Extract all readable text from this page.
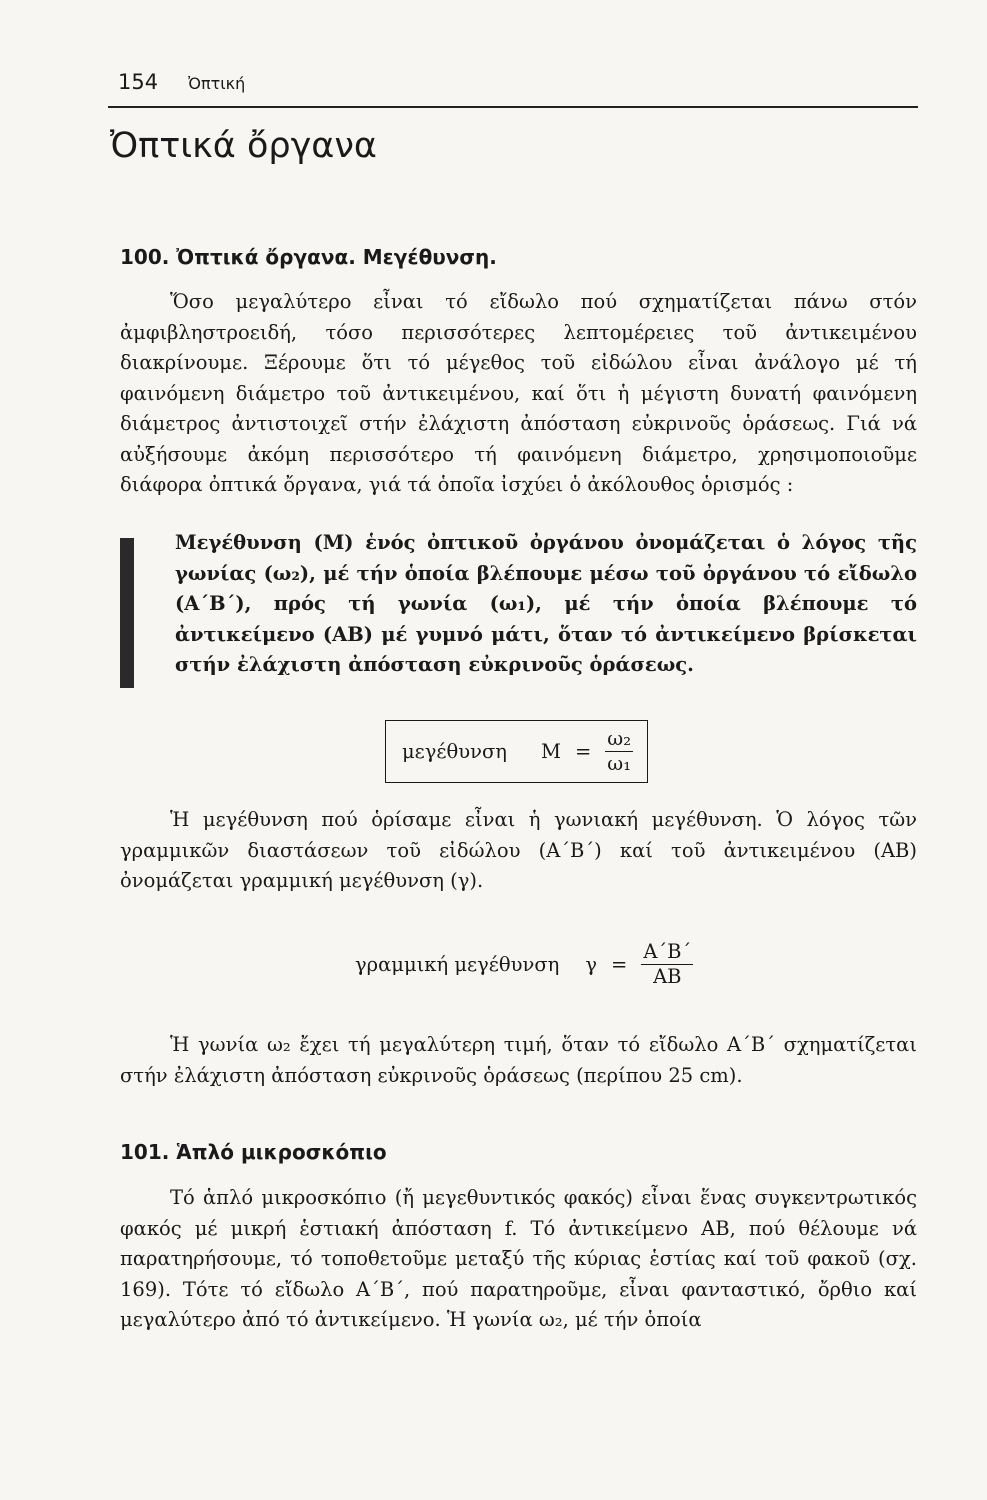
154 Ὀπτική
Ὀπτικά ὄργανα
100. Ὀπτικά ὄργανα. Μεγέθυνση.

Ὅσο μεγαλύτερο εἶναι τό εἴδωλο πού σχηματίζεται πάνω στόν ἀμφιβληστροειδή, τόσο περισσότερες λεπτομέρειες τοῦ ἀντικειμένου διακρίνουμε. Ξέρουμε ὅτι τό μέγεθος τοῦ εἰδώλου εἶναι ἀνάλογο μέ τή φαινόμενη διάμετρο τοῦ ἀντικειμένου, καί ὅτι ἡ μέγιστη δυνατή φαινόμενη διάμετρος ἀντιστοιχεῖ στήν ἐλάχιστη ἀπόσταση εὐκρινοῦς ὁράσεως. Γιά νά αὐξήσουμε ἀκόμη περισσότερο τή φαινόμενη διάμετρο, χρησιμοποιοῦμε διάφορα ὀπτικά ὄργανα, γιά τά ὁποῖα ἰσχύει ὁ ἀκόλουθος ὁρισμός :

Μεγέθυνση (Μ) ἑνός ὀπτικοῦ ὀργάνου ὀνομάζεται ὁ λόγος τῆς γωνίας (ω₂), μέ τήν ὁποία βλέπουμε μέσω τοῦ ὀργάνου τό εἴδωλο (Α΄Β΄), πρός τή γωνία (ω₁), μέ τήν ὁποία βλέπουμε τό ἀντικείμενο (ΑΒ) μέ γυμνό μάτι, ὅταν τό ἀντικείμενο βρίσκεται στήν ἐλάχιστη ἀπόσταση εὐκρινοῦς ὁράσεως.

μεγέθυνση $M = \frac{\text{ω₂}}{\text{ω₁}}$

Ἡ μεγέθυνση πού ὁρίσαμε εἶναι ἡ γωνιακή μεγέθυνση. Ὁ λόγος τῶν γραμμικῶν διαστάσεων τοῦ εἰδώλου (Α΄Β΄) καί τοῦ ἀντικειμένου (ΑΒ) ὀνομάζεται γραμμική μεγέθυνση (γ).

γραμμική μεγέθυνση $\gamma = \frac{A΄B΄}{AB}$

Ἡ γωνία ω₂ ἔχει τή μεγαλύτερη τιμή, ὅταν τό εἴδωλο Α΄Β΄ σχηματίζεται στήν ἐλάχιστη ἀπόσταση εὐκρινοῦς ὁράσεως (περίπου 25 cm).

101. Ἁπλό μικροσκόπιο

Τό ἁπλό μικροσκόπιο (ἤ μεγεθυντικός φακός) εἶναι ἕνας συγκεντρωτικός φακός μέ μικρή ἑστιακή ἀπόσταση f. Τό ἀντικείμενο ΑΒ, πού θέλουμε νά παρατηρήσουμε, τό τοποθετοῦμε μεταξύ τῆς κύριας ἑστίας καί τοῦ φακοῦ (σχ. 169). Τότε τό εἴδωλο Α΄Β΄, πού παρατηροῦμε, εἶναι φανταστικό, ὄρθιο καί μεγαλύτερο ἀπό τό ἀντικείμενο. Ἡ γωνία ω₂, μέ τήν ὁποία
